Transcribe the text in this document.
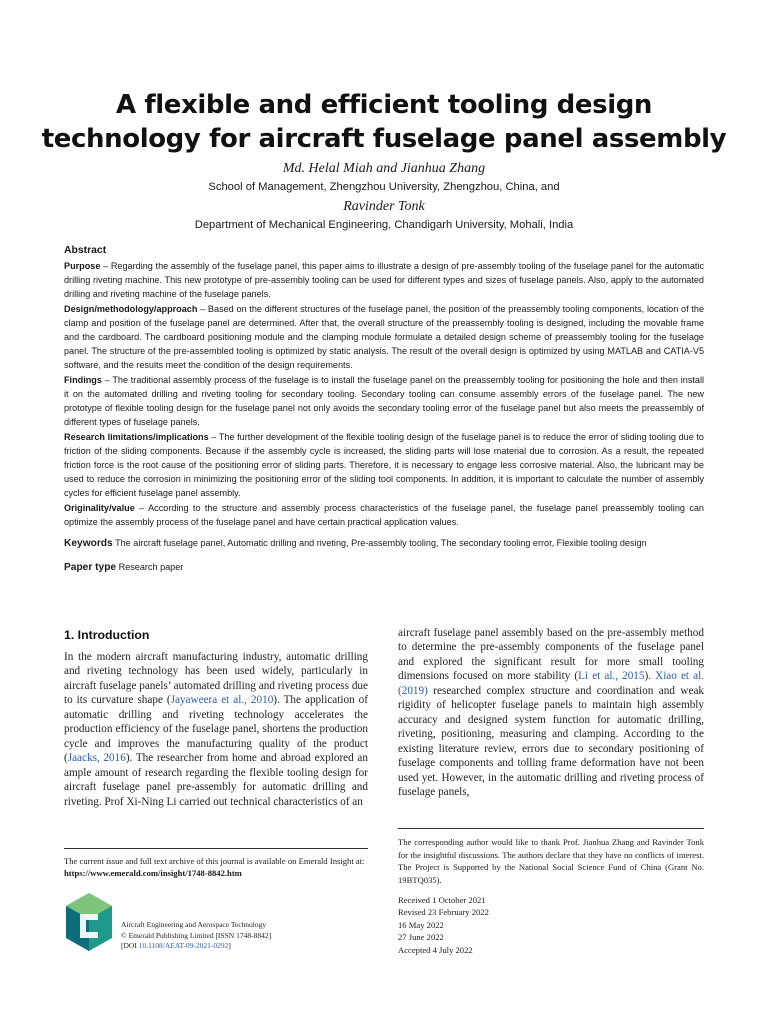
A flexible and efficient tooling design technology for aircraft fuselage panel assembly
Md. Helal Miah and Jianhua Zhang
School of Management, Zhengzhou University, Zhengzhou, China, and
Ravinder Tonk
Department of Mechanical Engineering, Chandigarh University, Mohali, India
Abstract

Purpose – Regarding the assembly of the fuselage panel, this paper aims to illustrate a design of pre-assembly tooling of the fuselage panel for the automatic drilling riveting machine. This new prototype of pre-assembly tooling can be used for different types and sizes of fuselage panels. Also, apply to the automated drilling and riveting machine of the fuselage panels.

Design/methodology/approach – Based on the different structures of the fuselage panel, the position of the preassembly tooling components, location of the clamp and position of the fuselage panel are determined. After that, the overall structure of the preassembly tooling is designed, including the movable frame and the cardboard. The cardboard positioning module and the clamping module formulate a detailed design scheme of preassembly tooling for the fuselage panel. The structure of the pre-assembled tooling is optimized by static analysis. The result of the overall design is optimized by using MATLAB and CATIA-V5 software, and the results meet the condition of the design requirements.

Findings – The traditional assembly process of the fuselage is to install the fuselage panel on the preassembly tooling for positioning the hole and then install it on the automated drilling and riveting tooling for secondary tooling. Secondary tooling can consume assembly errors of the fuselage panel. The new prototype of flexible tooling design for the fuselage panel not only avoids the secondary tooling error of the fuselage panel but also meets the preassembly of different types of fuselage panels.

Research limitations/implications – The further development of the flexible tooling design of the fuselage panel is to reduce the error of sliding tooling due to friction of the sliding components. Because if the assembly cycle is increased, the sliding parts will lose material due to corrosion. As a result, the repeated friction force is the root cause of the positioning error of sliding parts. Therefore, it is necessary to engage less corrosive material. Also, the lubricant may be used to reduce the corrosion in minimizing the positioning error of the sliding tool components. In addition, it is important to calculate the number of assembly cycles for efficient fuselage panel assembly.

Originality/value – According to the structure and assembly process characteristics of the fuselage panel, the fuselage panel preassembly tooling can optimize the assembly process of the fuselage panel and have certain practical application values.

Keywords The aircraft fuselage panel, Automatic drilling and riveting, Pre-assembly tooling, The secondary tooling error, Flexible tooling design

Paper type Research paper

1. Introduction

In the modern aircraft manufacturing industry, automatic drilling and riveting technology has been used widely, particularly in aircraft fuselage panels’ automated drilling and riveting process due to its curvature shape (Jayaweera et al., 2010). The application of automatic drilling and riveting technology accelerates the production efficiency of the fuselage panel, shortens the production cycle and improves the manufacturing quality of the product (Jaacks, 2016). The researcher from home and abroad explored an ample amount of research regarding the flexible tooling design for aircraft fuselage panel pre-assembly for automatic drilling and riveting. Prof Xi-Ning Li carried out technical characteristics of an

aircraft fuselage panel assembly based on the pre-assembly method to determine the pre-assembly components of the fuselage panel and explored the significant result for more small tooling dimensions focused on more stability (Li et al., 2015). Xiao et al. (2019) researched complex structure and coordination and weak rigidity of helicopter fuselage panels to maintain high assembly accuracy and designed system function for automatic drilling, riveting, positioning, measuring and clamping. According to the existing literature review, errors due to secondary positioning of fuselage components and tolling frame deformation have not been used yet. However, in the automatic drilling and riveting process of fuselage panels,

The current issue and full text archive of this journal is available on Emerald Insight at: https://www.emerald.com/insight/1748-8842.htm
Aircraft Engineering and Aerospace Technology
© Emerald Publishing Limited [ISSN 1748-8842]
[DOI 10.1108/AEAT-09-2021-0292]
The corresponding author would like to thank Prof. Jianhua Zhang and Ravinder Tonk for the insightful discussions. The authors declare that they have no conflicts of interest. The Project is Supported by the National Social Science Fund of China (Grant No. 19BTQ035).
Received 1 October 2021
Revised 23 February 2022
16 May 2022
27 June 2022
Accepted 4 July 2022
